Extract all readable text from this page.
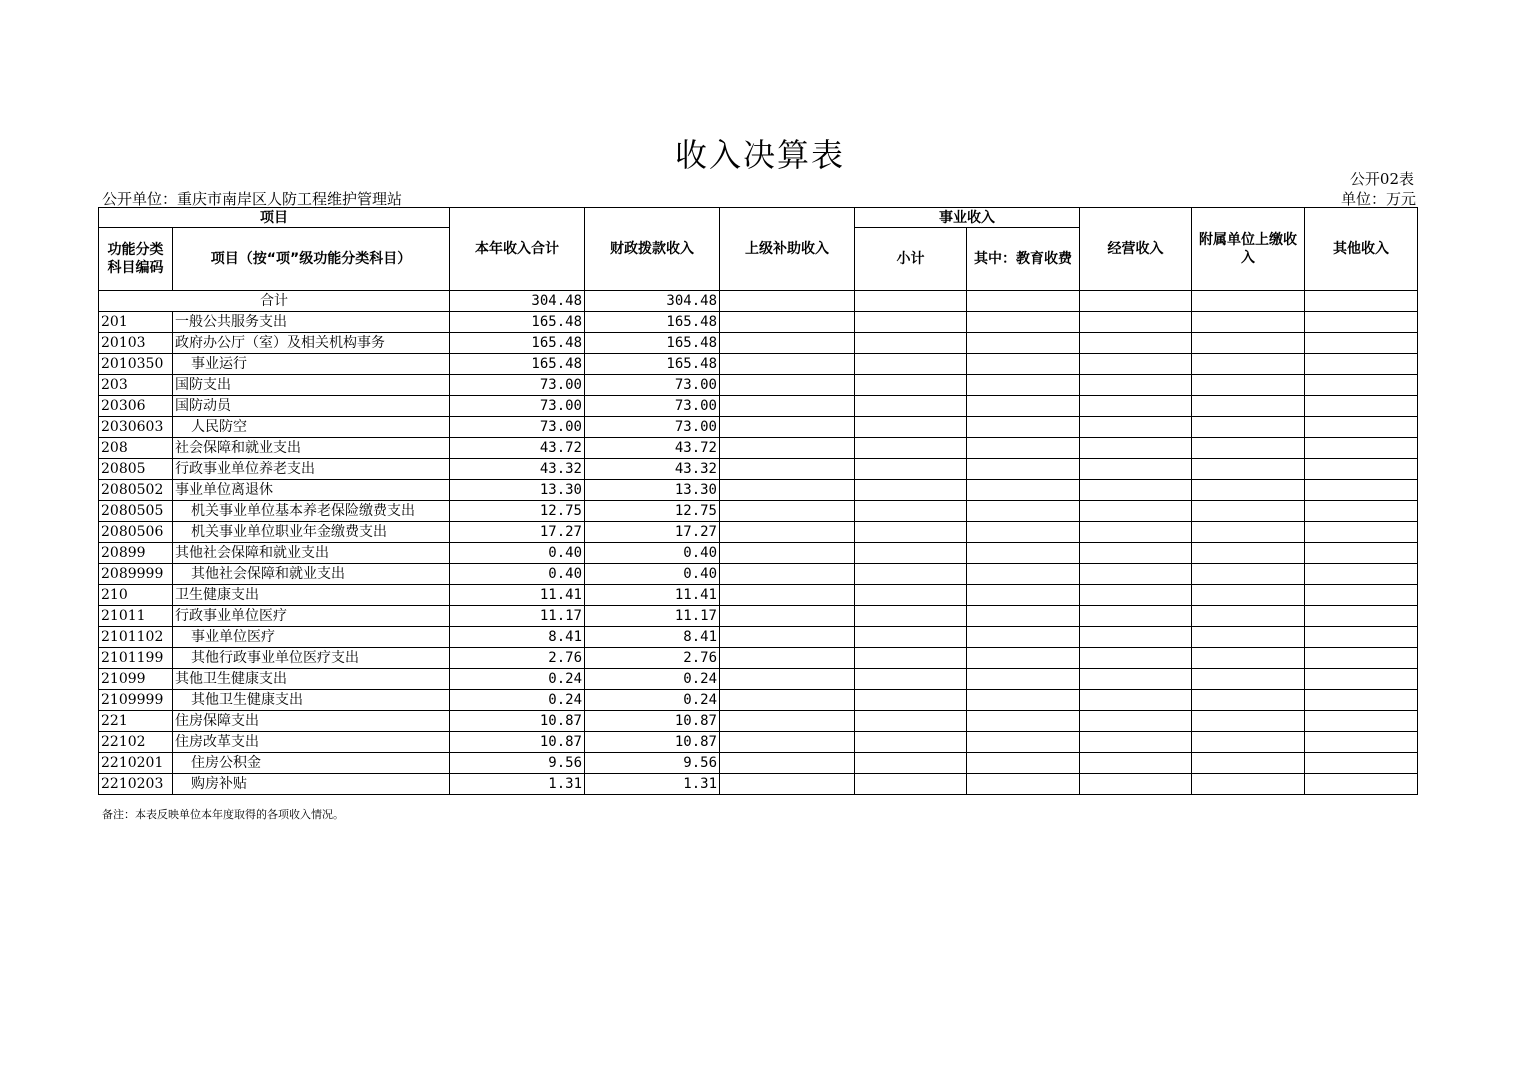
收入决算表
公开02表
公开单位：重庆市南岸区人防工程维护管理站	单位：万元
项目		本年收入合计	财政拨款收入	上级补助收入	事业收入		经营收入	附属单位上缴收入	其他收入
功能分类科目编码	项目（按“项”级功能分类科目）				小计	其中：教育收费			
合计		304.48	304.48						
201	一般公共服务支出	165.48	165.48						
20103	政府办公厅（室）及相关机构事务	165.48	165.48						
2010350	事业运行	165.48	165.48						
203	国防支出	73.00	73.00						
20306	国防动员	73.00	73.00						
2030603	人民防空	73.00	73.00						
208	社会保障和就业支出	43.72	43.72						
20805	行政事业单位养老支出	43.32	43.32						
2080502	事业单位离退休	13.30	13.30						
2080505	机关事业单位基本养老保险缴费支出	12.75	12.75						
2080506	机关事业单位职业年金缴费支出	17.27	17.27						
20899	其他社会保障和就业支出	0.40	0.40						
2089999	其他社会保障和就业支出	0.40	0.40						
210	卫生健康支出	11.41	11.41						
21011	行政事业单位医疗	11.17	11.17						
2101102	事业单位医疗	8.41	8.41						
2101199	其他行政事业单位医疗支出	2.76	2.76						
21099	其他卫生健康支出	0.24	0.24						
2109999	其他卫生健康支出	0.24	0.24						
221	住房保障支出	10.87	10.87						
22102	住房改革支出	10.87	10.87						
2210201	住房公积金	9.56	9.56						
2210203	购房补贴	1.31	1.31						
备注：本表反映单位本年度取得的各项收入情况。
